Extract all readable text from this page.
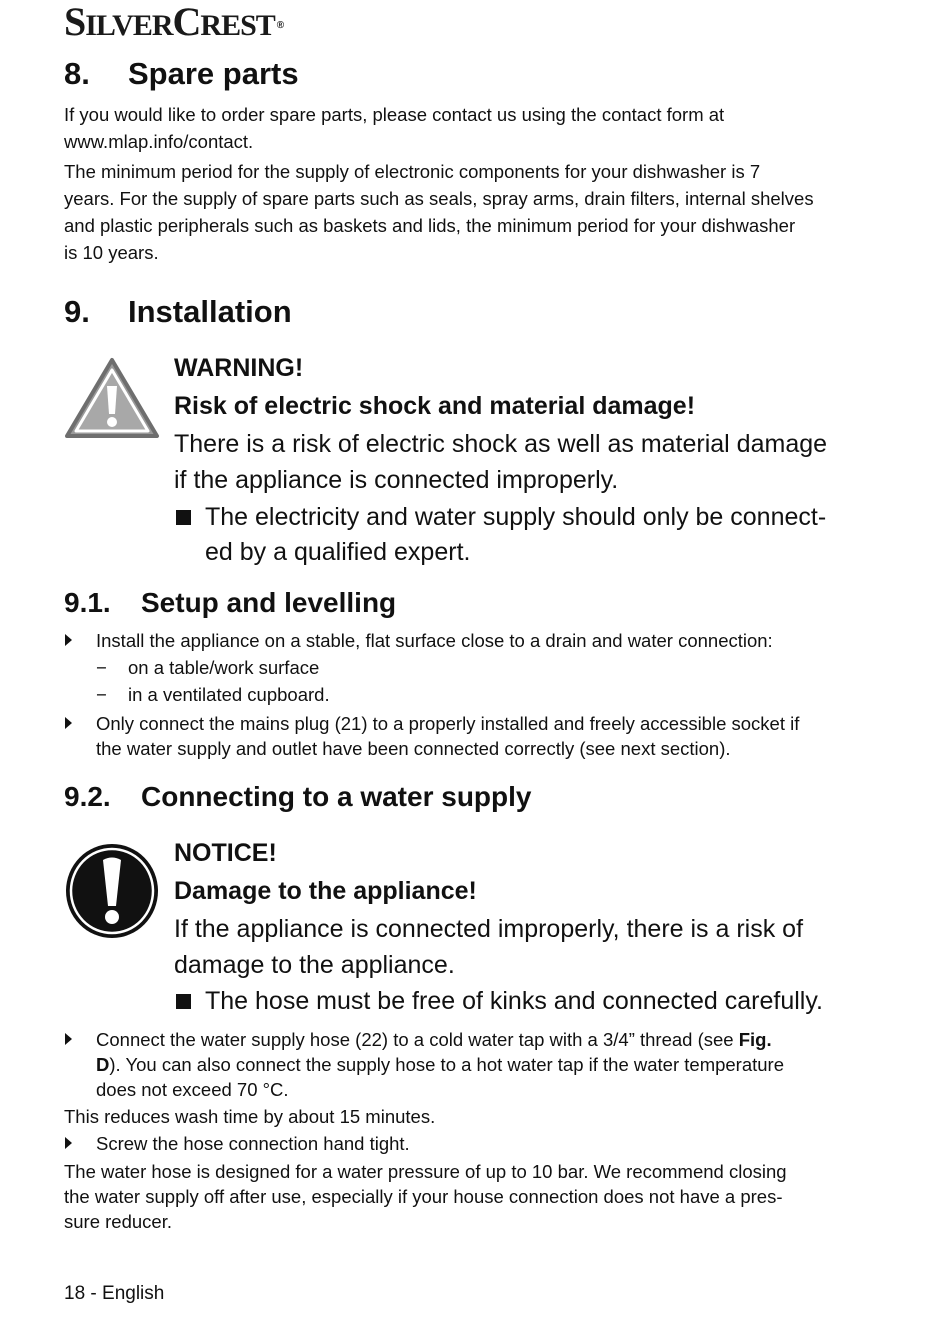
SILVERCREST ®
8. Spare parts
If you would like to order spare parts, please contact us using the contact form at
www.mlap.info/contact.
The minimum period for the supply of electronic components for your dishwasher is 7
years. For the supply of spare parts such as seals, spray arms, drain filters, internal shelves
and plastic peripherals such as baskets and lids, the minimum period for your dishwasher
is 10 years.
9. Installation
WARNING!
Risk of electric shock and material damage!
There is a risk of electric shock as well as material damage
if the appliance is connected improperly.
The electricity and water supply should only be connect-
ed by a qualified expert.
9.1. Setup and levelling
Install the appliance on a stable, flat surface close to a drain and water connection:
− on a table/work surface
− in a ventilated cupboard.
Only connect the mains plug (21) to a properly installed and freely accessible socket if
the water supply and outlet have been connected correctly (see next section).
9.2. Connecting to a water supply
NOTICE!
Damage to the appliance!
If the appliance is connected improperly, there is a risk of
damage to the appliance.
The hose must be free of kinks and connected carefully.
Connect the water supply hose (22) to a cold water tap with a 3/4” thread (see Fig.
D). You can also connect the supply hose to a hot water tap if the water temperature
does not exceed 70 °C.
This reduces wash time by about 15 minutes.
Screw the hose connection hand tight.
The water hose is designed for a water pressure of up to 10 bar. We recommend closing
the water supply off after use, especially if your house connection does not have a pres-
sure reducer.
18 - English
